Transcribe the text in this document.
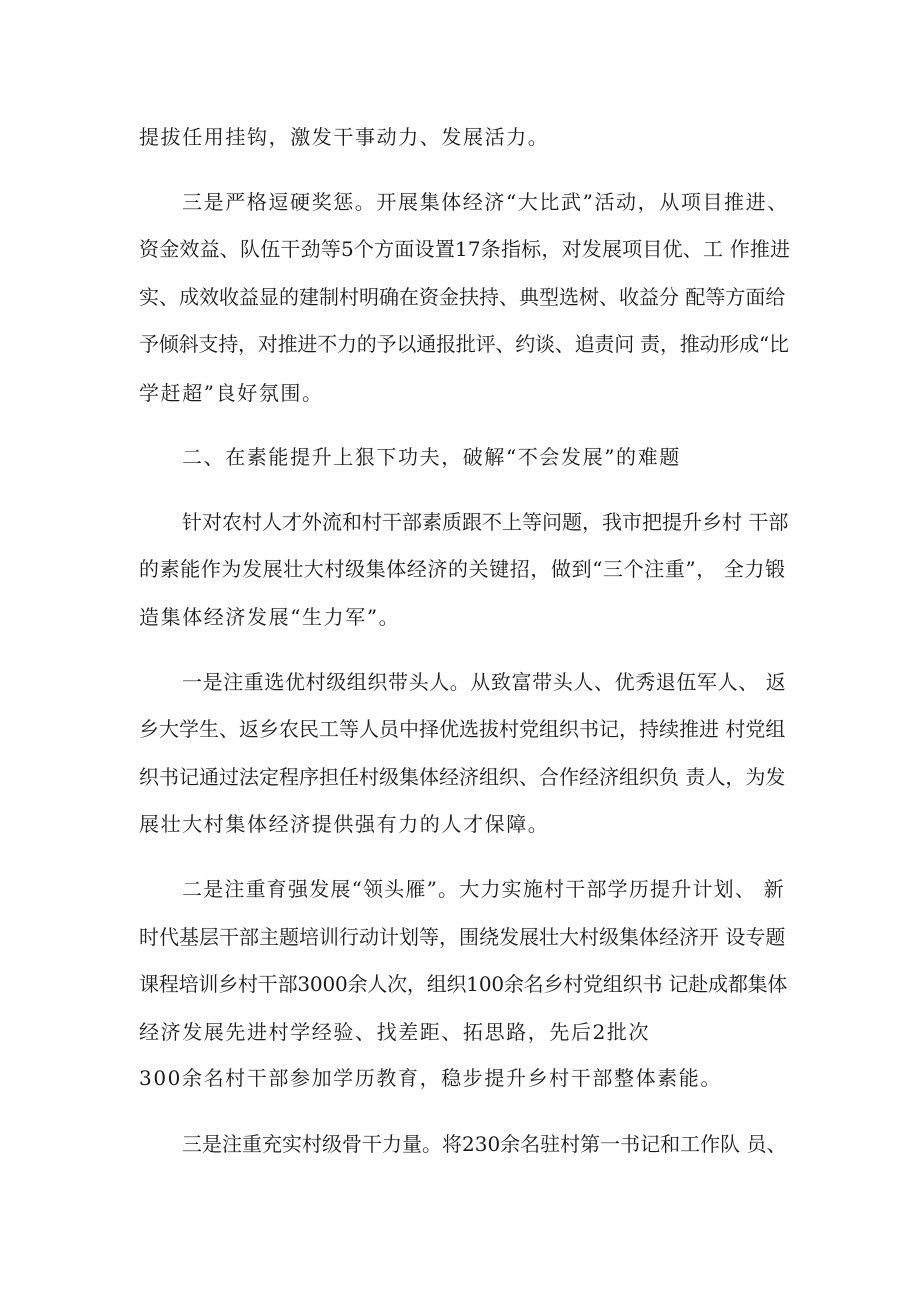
提拔任用挂钩，激发干事动力、发展活力。

三是严格逗硬奖惩。开展集体经济“大比武”活动，从项目推进、

资金效益、队伍干劲等5个方面设置17条指标，对发展项目优、工 作推进

实、成效收益显的建制村明确在资金扶持、典型选树、收益分 配等方面给

予倾斜支持，对推进不力的予以通报批评、约谈、追责问 责，推动形成“比

学赶超”良好氛围。

二、在素能提升上狠下功夫，破解“不会发展”的难题

针对农村人才外流和村干部素质跟不上等问题，我市把提升乡村 干部

的素能作为发展壮大村级集体经济的关键招，做到“三个注重”， 全力锻

造集体经济发展“生力军”。

一是注重选优村级组织带头人。从致富带头人、优秀退伍军人、 返

乡大学生、返乡农民工等人员中择优选拔村党组织书记，持续推进 村党组

织书记通过法定程序担任村级集体经济组织、合作经济组织负 责人，为发

展壮大村集体经济提供强有力的人才保障。

二是注重育强发展“领头雁”。大力实施村干部学历提升计划、 新

时代基层干部主题培训行动计划等，围绕发展壮大村级集体经济开 设专题

课程培训乡村干部3000余人次，组织100余名乡村党组织书 记赴成都集体

经济发展先进村学经验、找差距、拓思路，先后2批次

300余名村干部参加学历教育，稳步提升乡村干部整体素能。

三是注重充实村级骨干力量。将230余名驻村第一书记和工作队 员、
